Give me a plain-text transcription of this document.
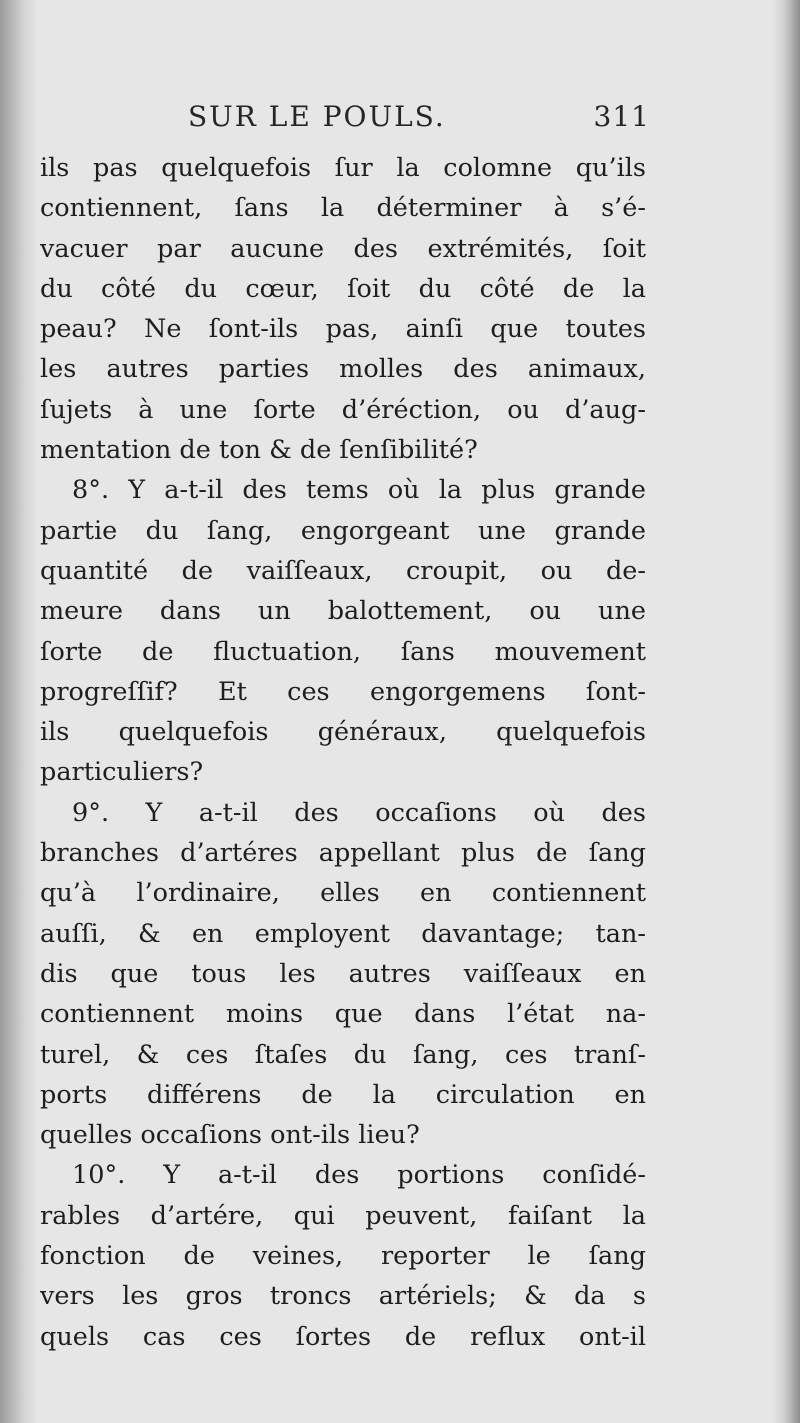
SUR LE POULS.	311
ils pas quelquefois ſur la colomne qu’ils
contiennent, ſans la déterminer à s’é-
vacuer par aucune des extrémités, ſoit
du côté du cœur, ſoit du côté de la
peau? Ne ſont-ils pas, ainſi que toutes
les autres parties molles des animaux,
ſujets à une ſorte d’éréction, ou d’aug-
mentation de ton & de ſenſibilité?
8°. Y a-t-il des tems où la plus grande
partie du ſang, engorgeant une grande
quantité de vaiſſeaux, croupit, ou de-
meure dans un balottement, ou une
ſorte de fluctuation, ſans mouvement
progreſſif? Et ces engorgemens ſont-
ils quelquefois généraux, quelquefois
particuliers?
9°. Y a-t-il des occaſions où des
branches d’artéres appellant plus de ſang
qu’à l’ordinaire, elles en contiennent
auſſi, & en employent davantage; tan-
dis que tous les autres vaiſſeaux en
contiennent moins que dans l’état na-
turel, & ces ſtaſes du ſang, ces tranſ-
ports différens de la circulation en
quelles occaſions ont-ils lieu?
10°. Y a-t-il des portions conſidé-
rables d’artére, qui peuvent, faiſant la
fonction de veines, reporter le ſang
vers les gros troncs artériels; & da s
quels cas ces ſortes de reflux ont-il
